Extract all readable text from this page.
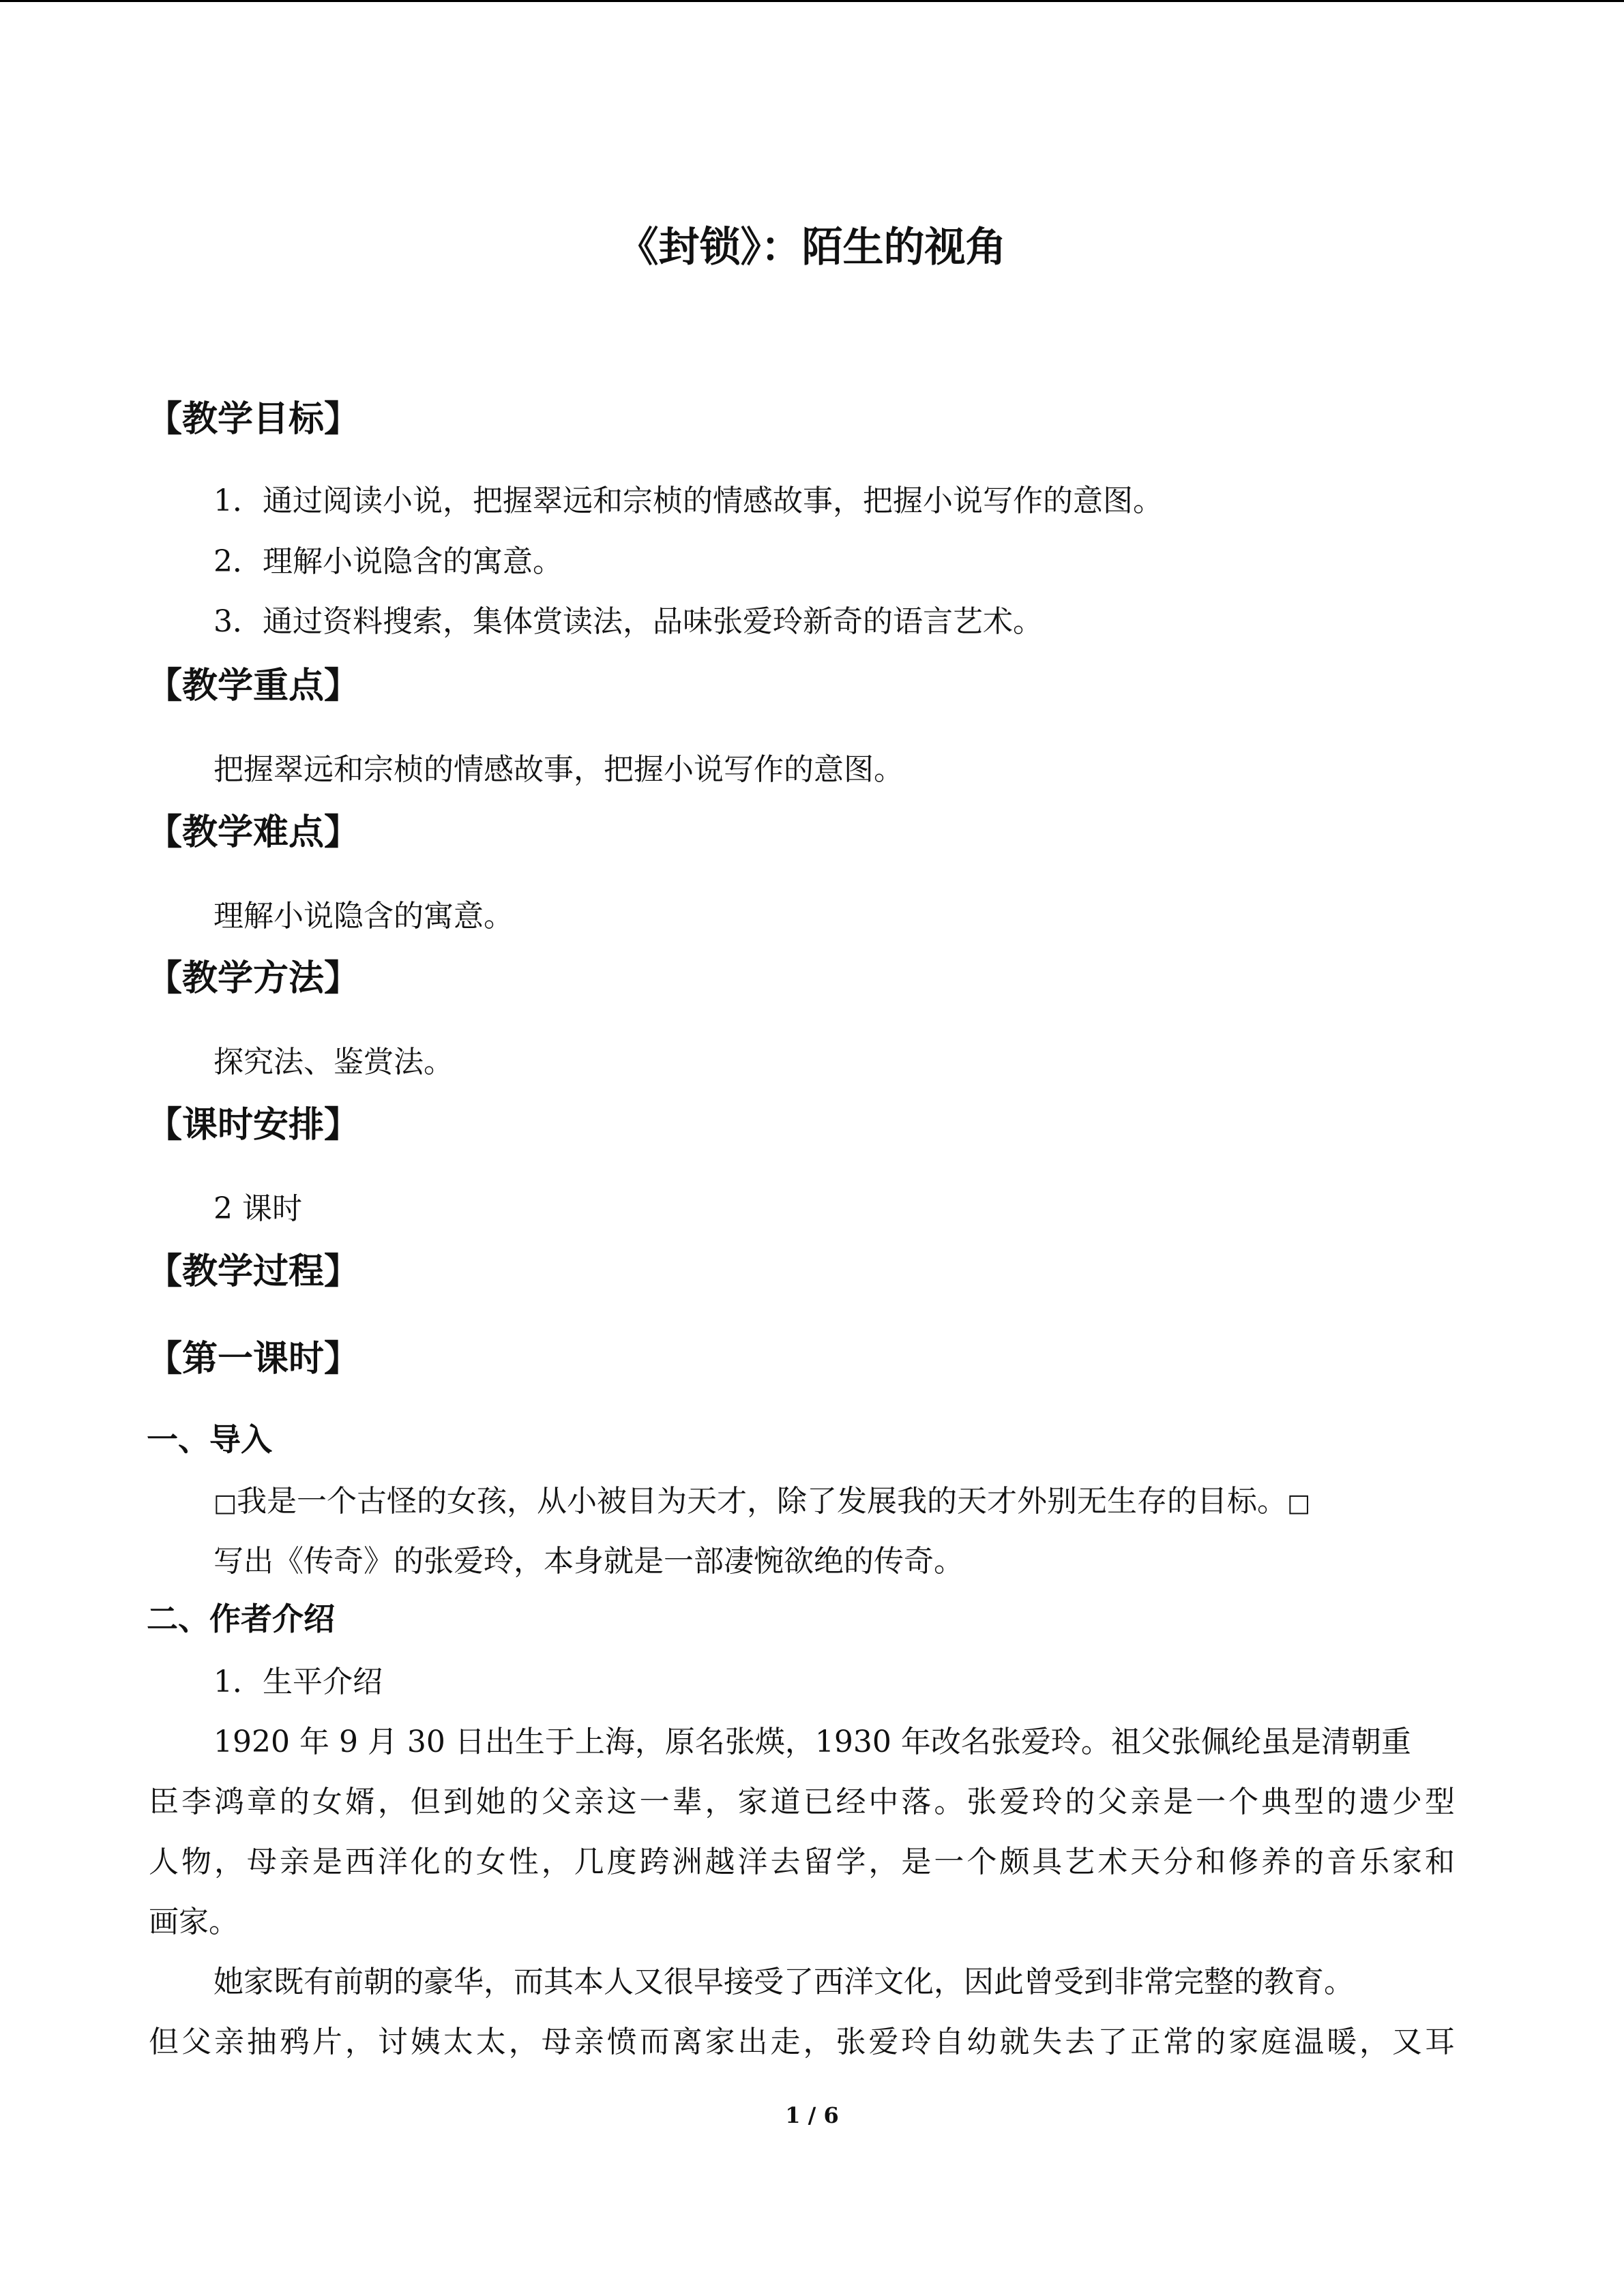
《封锁》：陌生的视角
【教学目标】
1．通过阅读小说，把握翠远和宗桢的情感故事，把握小说写作的意图。
2．理解小说隐含的寓意。
3．通过资料搜索，集体赏读法，品味张爱玲新奇的语言艺术。
【教学重点】
把握翠远和宗桢的情感故事，把握小说写作的意图。
【教学难点】
理解小说隐含的寓意。
【教学方法】
探究法、鉴赏法。
【课时安排】
2 课时
【教学过程】
【第一课时】
一、导入
□我是一个古怪的女孩，从小被目为天才，除了发展我的天才外别无生存的目标。□
写出《传奇》的张爱玲，本身就是一部凄惋欲绝的传奇。
二、作者介绍
1．生平介绍
1920 年 9 月 30 日出生于上海，原名张煐，1930 年改名张爱玲。祖父张佩纶虽是清朝重
臣李鸿章的女婿，但到她的父亲这一辈，家道已经中落。张爱玲的父亲是一个典型的遗少型
人物，母亲是西洋化的女性，几度跨洲越洋去留学，是一个颇具艺术天分和修养的音乐家和
画家。
她家既有前朝的豪华，而其本人又很早接受了西洋文化，因此曾受到非常完整的教育。
但父亲抽鸦片，讨姨太太，母亲愤而离家出走，张爱玲自幼就失去了正常的家庭温暖，又耳
1 / 6
